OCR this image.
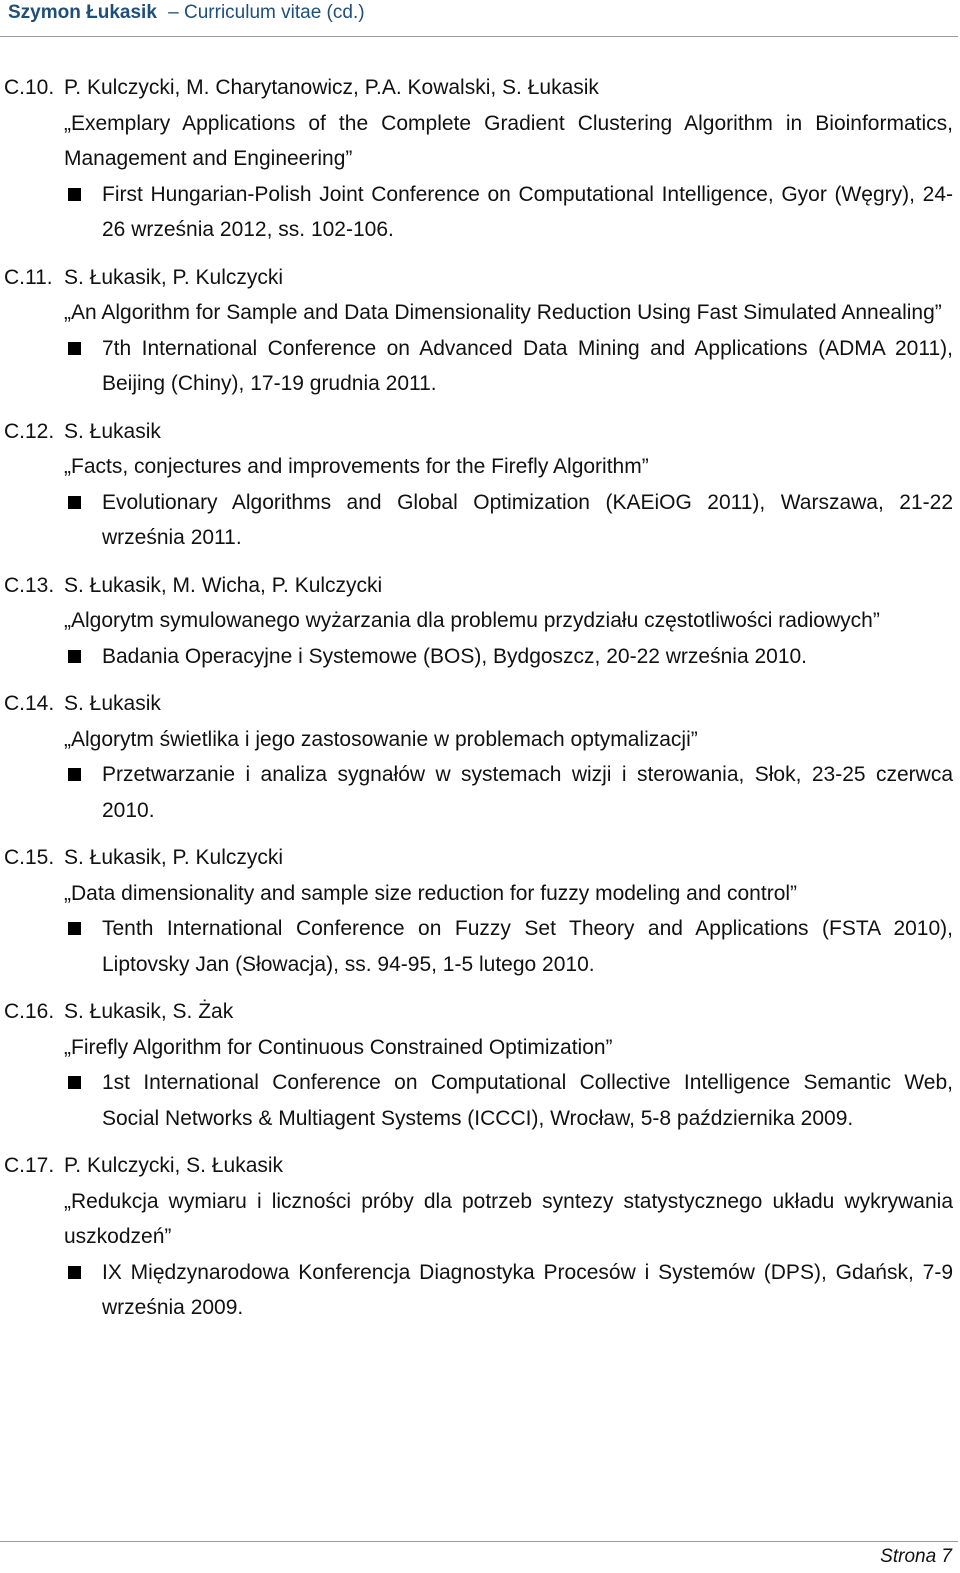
Szymon Łukasik – Curriculum vitae (cd.)
C.10. P. Kulczycki, M. Charytanowicz, P.A. Kowalski, S. Łukasik
„Exemplary Applications of the Complete Gradient Clustering Algorithm in Bioinformatics, Management and Engineering”
First Hungarian-Polish Joint Conference on Computational Intelligence, Gyor (Węgry), 24-26 września 2012, ss. 102-106.
C.11. S. Łukasik, P. Kulczycki
„An Algorithm for Sample and Data Dimensionality Reduction Using Fast Simulated Annealing”
7th International Conference on Advanced Data Mining and Applications (ADMA 2011), Beijing (Chiny), 17-19 grudnia 2011.
C.12. S. Łukasik
„Facts, conjectures and improvements for the Firefly Algorithm”
Evolutionary Algorithms and Global Optimization (KAEiOG 2011), Warszawa, 21-22 września 2011.
C.13. S. Łukasik, M. Wicha, P. Kulczycki
„Algorytm symulowanego wyżarzania dla problemu przydziału częstotliwości radiowych”
Badania Operacyjne i Systemowe (BOS), Bydgoszcz, 20-22 września 2010.
C.14. S. Łukasik
„Algorytm świetlika i jego zastosowanie w problemach optymalizacji”
Przetwarzanie i analiza sygnałów w systemach wizji i sterowania, Słok, 23-25 czerwca 2010.
C.15. S. Łukasik, P. Kulczycki
„Data dimensionality and sample size reduction for fuzzy modeling and control”
Tenth International Conference on Fuzzy Set Theory and Applications (FSTA 2010), Liptovsky Jan (Słowacja), ss. 94-95, 1-5 lutego 2010.
C.16. S. Łukasik, S. Żak
„Firefly Algorithm for Continuous Constrained Optimization”
1st International Conference on Computational Collective Intelligence Semantic Web, Social Networks & Multiagent Systems (ICCCI), Wrocław, 5-8 października 2009.
C.17. P. Kulczycki, S. Łukasik
„Redukcja wymiaru i liczności próby dla potrzeb syntezy statystycznego układu wykrywania uszkodzeń”
IX Międzynarodowa Konferencja Diagnostyka Procesów i Systemów (DPS), Gdańsk, 7-9 września 2009.
Strona 7
